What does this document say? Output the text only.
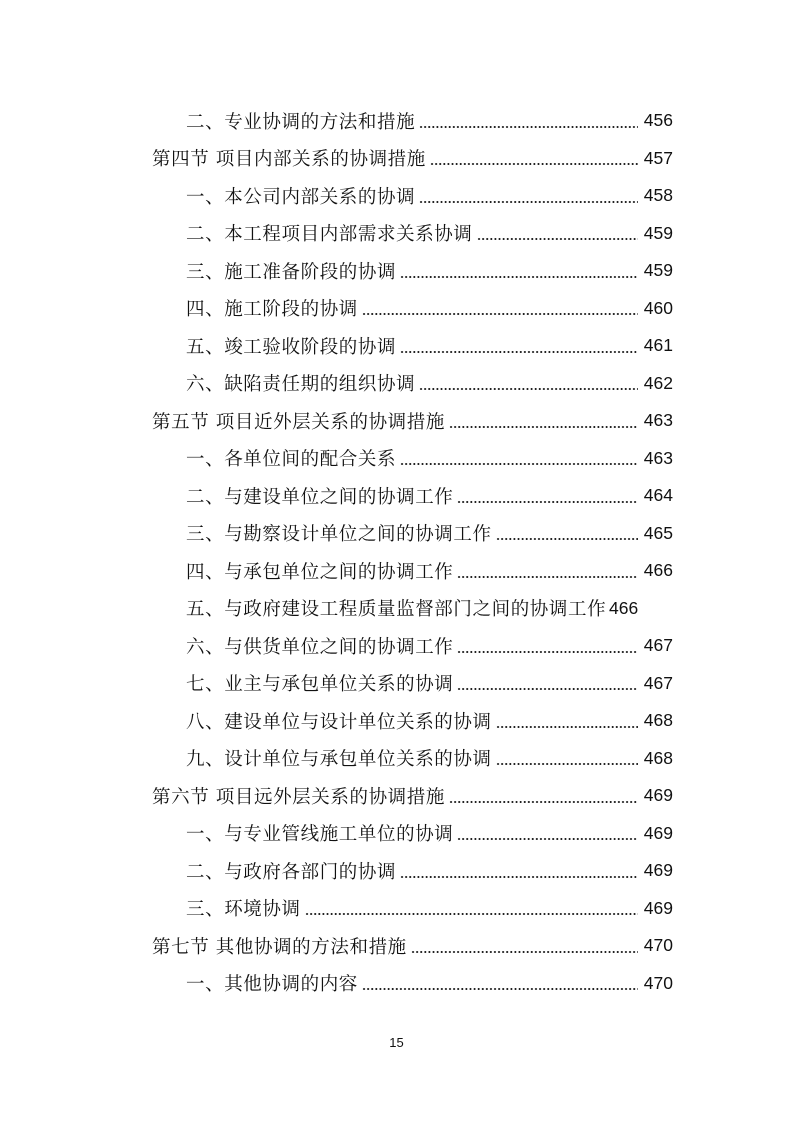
二、专业协调的方法和措施	456
第四节 项目内部关系的协调措施	457
一、本公司内部关系的协调	458
二、本工程项目内部需求关系协调	459
三、施工准备阶段的协调	459
四、施工阶段的协调	460
五、竣工验收阶段的协调	461
六、缺陷责任期的组织协调	462
第五节 项目近外层关系的协调措施	463
一、各单位间的配合关系	463
二、与建设单位之间的协调工作	464
三、与勘察设计单位之间的协调工作	465
四、与承包单位之间的协调工作	466
五、与政府建设工程质量监督部门之间的协调工作 466
六、与供货单位之间的协调工作	467
七、业主与承包单位关系的协调	467
八、建设单位与设计单位关系的协调	468
九、设计单位与承包单位关系的协调	468
第六节 项目远外层关系的协调措施	469
一、与专业管线施工单位的协调	469
二、与政府各部门的协调	469
三、环境协调	469
第七节 其他协调的方法和措施	470
一、其他协调的内容	470
15
